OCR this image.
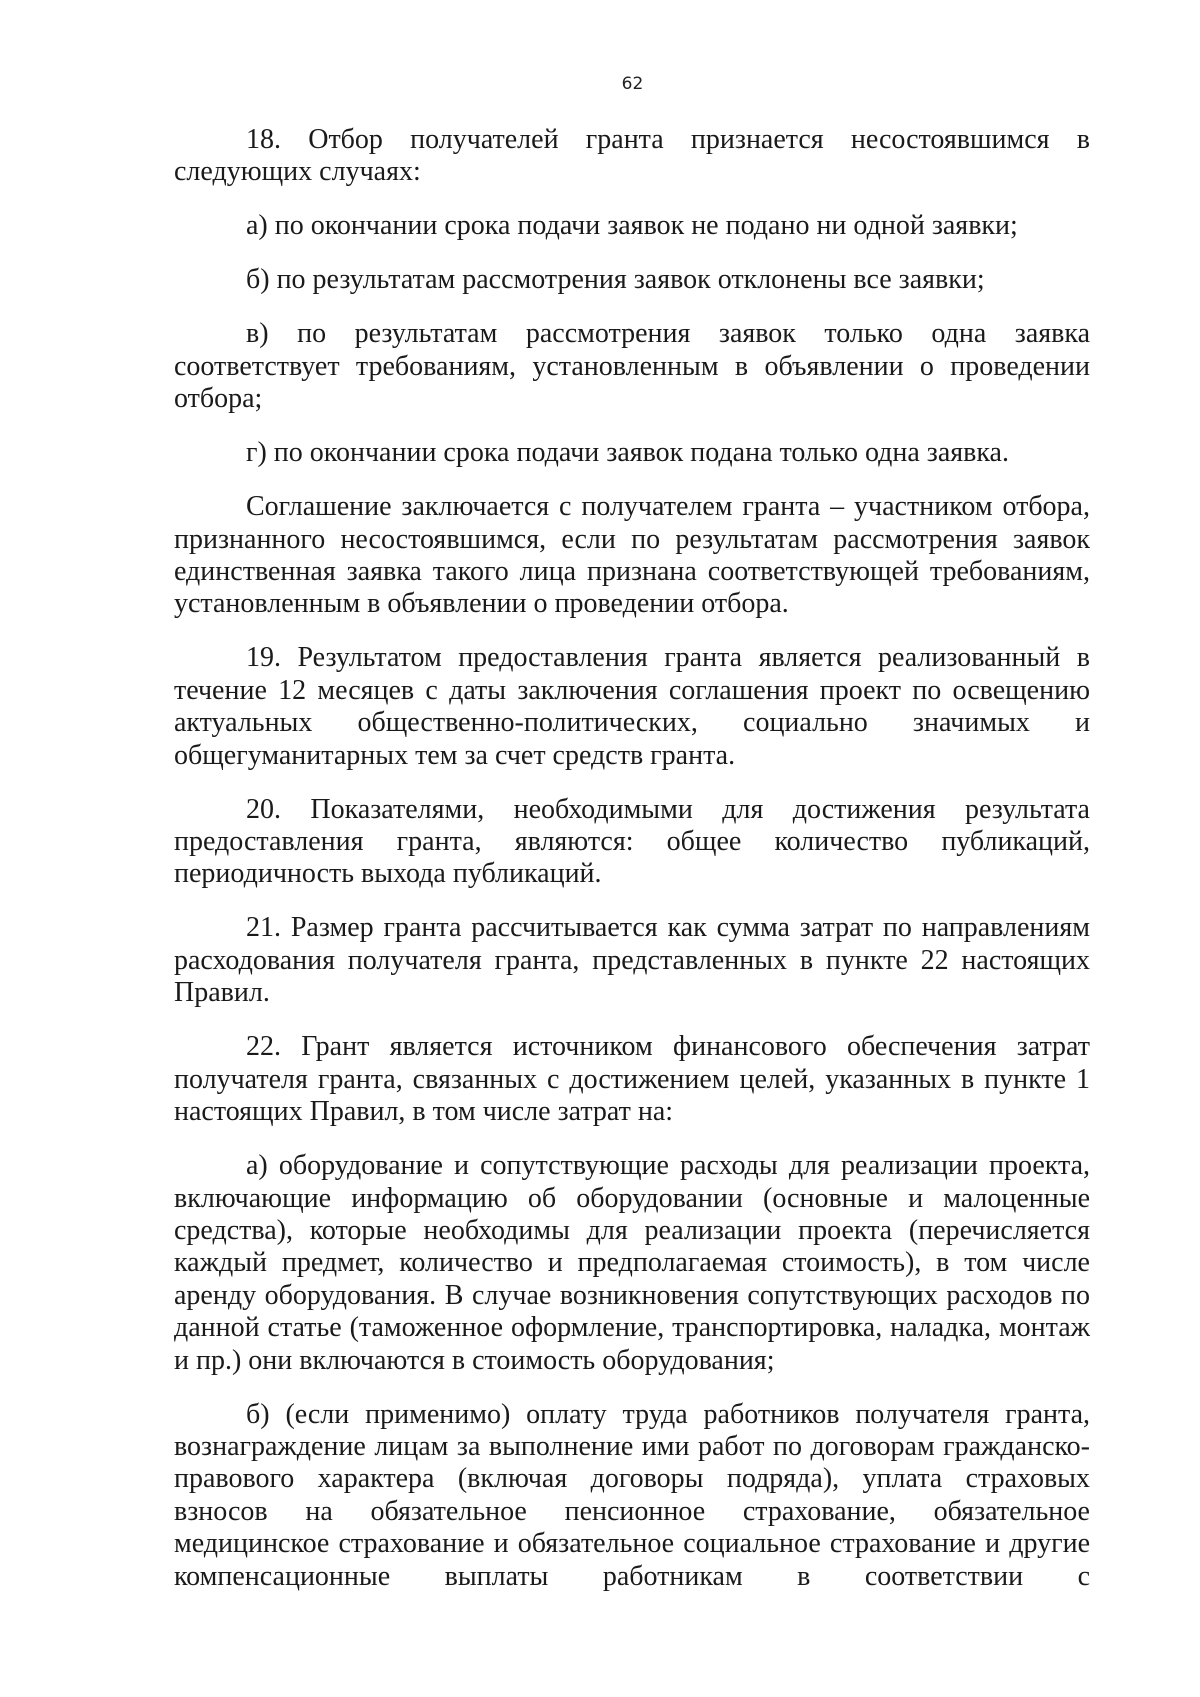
62

18. Отбор получателей гранта признается несостоявшимся в следующих случаях:

а) по окончании срока подачи заявок не подано ни одной заявки;

б) по результатам рассмотрения заявок отклонены все заявки;

в) по результатам рассмотрения заявок только одна заявка соответствует требованиям, установленным в объявлении о проведении отбора;

г) по окончании срока подачи заявок подана только одна заявка.

Соглашение заключается с получателем гранта – участником отбора, признанного несостоявшимся, если по результатам рассмотрения заявок единственная заявка такого лица признана соответствующей требованиям, установленным в объявлении о проведении отбора.

19. Результатом предоставления гранта является реализованный в течение 12 месяцев с даты заключения соглашения проект по освещению актуальных общественно-политических, социально значимых и общегуманитарных тем за счет средств гранта.

20. Показателями, необходимыми для достижения результата предоставления гранта, являются: общее количество публикаций, периодичность выхода публикаций.

21. Размер гранта рассчитывается как сумма затрат по направлениям расходования получателя гранта, представленных в пункте 22 настоящих Правил.

22. Грант является источником финансового обеспечения затрат получателя гранта, связанных с достижением целей, указанных в пункте 1 настоящих Правил, в том числе затрат на:

а) оборудование и сопутствующие расходы для реализации проекта, включающие информацию об оборудовании (основные и малоценные средства), которые необходимы для реализации проекта (перечисляется каждый предмет, количество и предполагаемая стоимость), в том числе аренду оборудования. В случае возникновения сопутствующих расходов по данной статье (таможенное оформление, транспортировка, наладка, монтаж и пр.) они включаются в стоимость оборудования;

б) (если применимо) оплату труда работников получателя гранта, вознаграждение лицам за выполнение ими работ по договорам гражданско-правового характера (включая договоры подряда), уплата страховых взносов на обязательное пенсионное страхование, обязательное медицинское страхование и обязательное социальное страхование и другие компенсационные выплаты работникам в соответствии с
